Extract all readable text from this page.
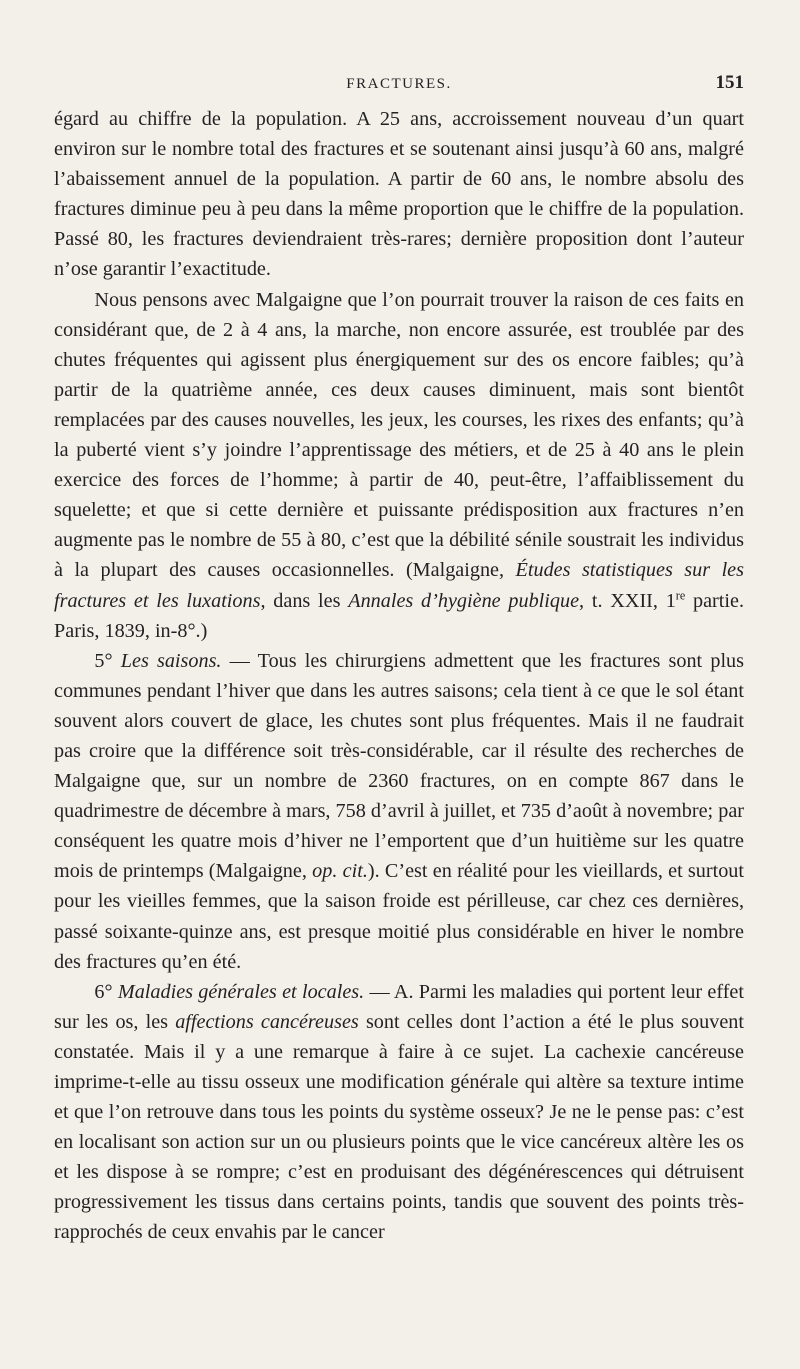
FRACTURES.	151

égard au chiffre de la population. A 25 ans, accroissement nouveau d’un quart environ sur le nombre total des fractures et se soutenant ainsi jusqu’à 60 ans, malgré l’abaissement annuel de la population. A partir de 60 ans, le nombre absolu des fractures diminue peu à peu dans la même proportion que le chiffre de la population. Passé 80, les fractures deviendraient très-rares; dernière proposition dont l’auteur n’ose garantir l’exactitude.

Nous pensons avec Malgaigne que l’on pourrait trouver la raison de ces faits en considérant que, de 2 à 4 ans, la marche, non encore assurée, est troublée par des chutes fréquentes qui agissent plus énergiquement sur des os encore faibles; qu’à partir de la quatrième année, ces deux causes diminuent, mais sont bientôt remplacées par des causes nouvelles, les jeux, les courses, les rixes des enfants; qu’à la puberté vient s’y joindre l’apprentissage des métiers, et de 25 à 40 ans le plein exercice des forces de l’homme; à partir de 40, peut-être, l’affaiblissement du squelette; et que si cette dernière et puissante prédisposition aux fractures n’en augmente pas le nombre de 55 à 80, c’est que la débilité sénile soustrait les individus à la plupart des causes occasionnelles. (Malgaigne, Études statistiques sur les fractures et les luxations, dans les Annales d’hygiène publique, t. XXII, 1re partie. Paris, 1839, in-8°.)

5° Les saisons. — Tous les chirurgiens admettent que les fractures sont plus communes pendant l’hiver que dans les autres saisons; cela tient à ce que le sol étant souvent alors couvert de glace, les chutes sont plus fréquentes. Mais il ne faudrait pas croire que la différence soit très-considérable, car il résulte des recherches de Malgaigne que, sur un nombre de 2360 fractures, on en compte 867 dans le quadrimestre de décembre à mars, 758 d’avril à juillet, et 735 d’août à novembre; par conséquent les quatre mois d’hiver ne l’emportent que d’un huitième sur les quatre mois de printemps (Malgaigne, op. cit.). C’est en réalité pour les vieillards, et surtout pour les vieilles femmes, que la saison froide est périlleuse, car chez ces dernières, passé soixante-quinze ans, est presque moitié plus considérable en hiver le nombre des fractures qu’en été.

6° Maladies générales et locales. — A. Parmi les maladies qui portent leur effet sur les os, les affections cancéreuses sont celles dont l’action a été le plus souvent constatée. Mais il y a une remarque à faire à ce sujet. La cachexie cancéreuse imprime-t-elle au tissu osseux une modification générale qui altère sa texture intime et que l’on retrouve dans tous les points du système osseux? Je ne le pense pas: c’est en localisant son action sur un ou plusieurs points que le vice cancéreux altère les os et les dispose à se rompre; c’est en produisant des dégénérescences qui détruisent progressivement les tissus dans certains points, tandis que souvent des points très-rapprochés de ceux envahis par le cancer
